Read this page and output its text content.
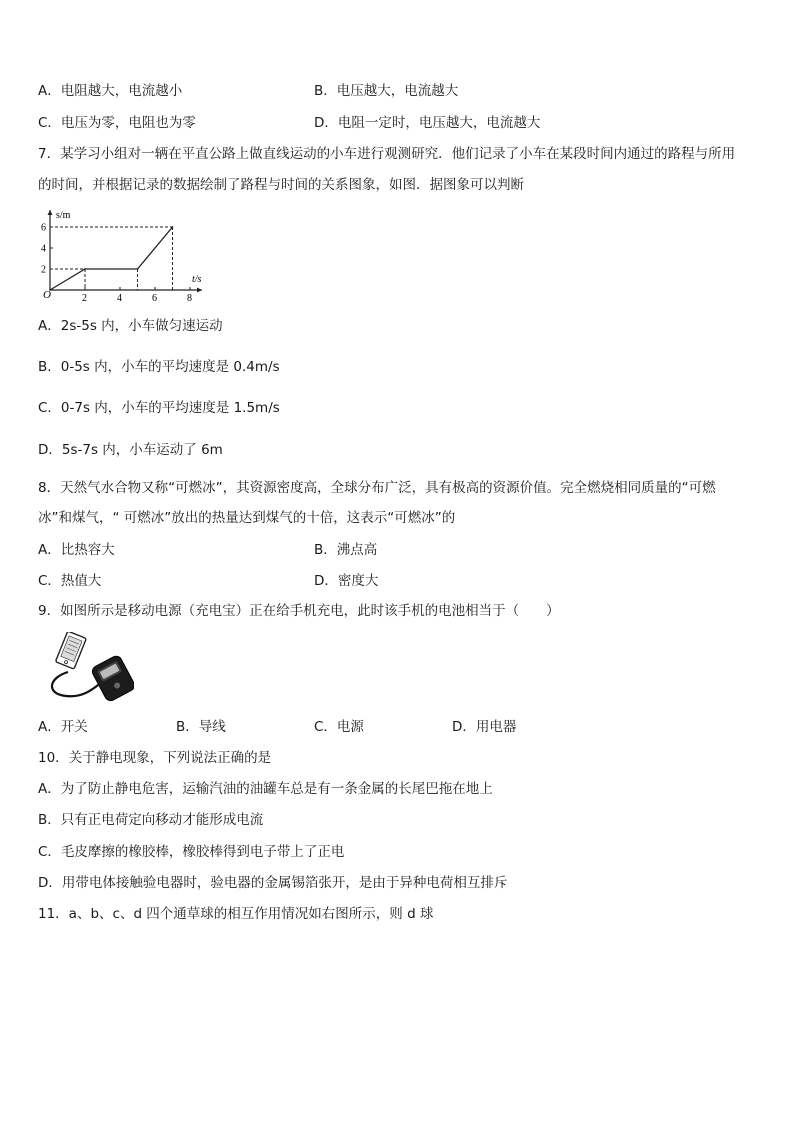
A．电阻越大，电流越小	B．电压越大，电流越大
C．电压为零，电阻也为零	D．电阻一定时，电压越大，电流越大
7．某学习小组对一辆在平直公路上做直线运动的小车进行观测研究．他们记录了小车在某段时间内通过的路程与所用
的时间，并根据记录的数据绘制了路程与时间的关系图象，如图．据图象可以判断
2
4
6
2	4	6	8
s/m
t/s
O
A．2s-5s 内，小车做匀速运动
B．0-5s 内，小车的平均速度是 0.4m/s
C．0-7s 内，小车的平均速度是 1.5m/s
D．5s-7s 内，小车运动了 6m
8．天然气水合物又称“可燃冰”，其资源密度高，全球分布广泛，具有极高的资源价值。完全燃烧相同质量的“可燃
冰”和煤气，“ 可燃冰”放出的热量达到煤气的十倍，这表示“可燃冰”的
A．比热容大	B．沸点高
C．热值大	D．密度大
9．如图所示是移动电源（充电宝）正在给手机充电，此时该手机的电池相当于（　　）
A．开关	B．导线	C．电源	D．用电器
10．关于静电现象，下列说法正确的是
A．为了防止静电危害，运输汽油的油罐车总是有一条金属的长尾巴拖在地上
B．只有正电荷定向移动才能形成电流
C．毛皮摩擦的橡胶棒，橡胶棒得到电子带上了正电
D．用带电体接触验电器时，验电器的金属锡箔张开，是由于异种电荷相互排斥
11．a、b、c、d 四个通草球的相互作用情况如右图所示，则 d 球
